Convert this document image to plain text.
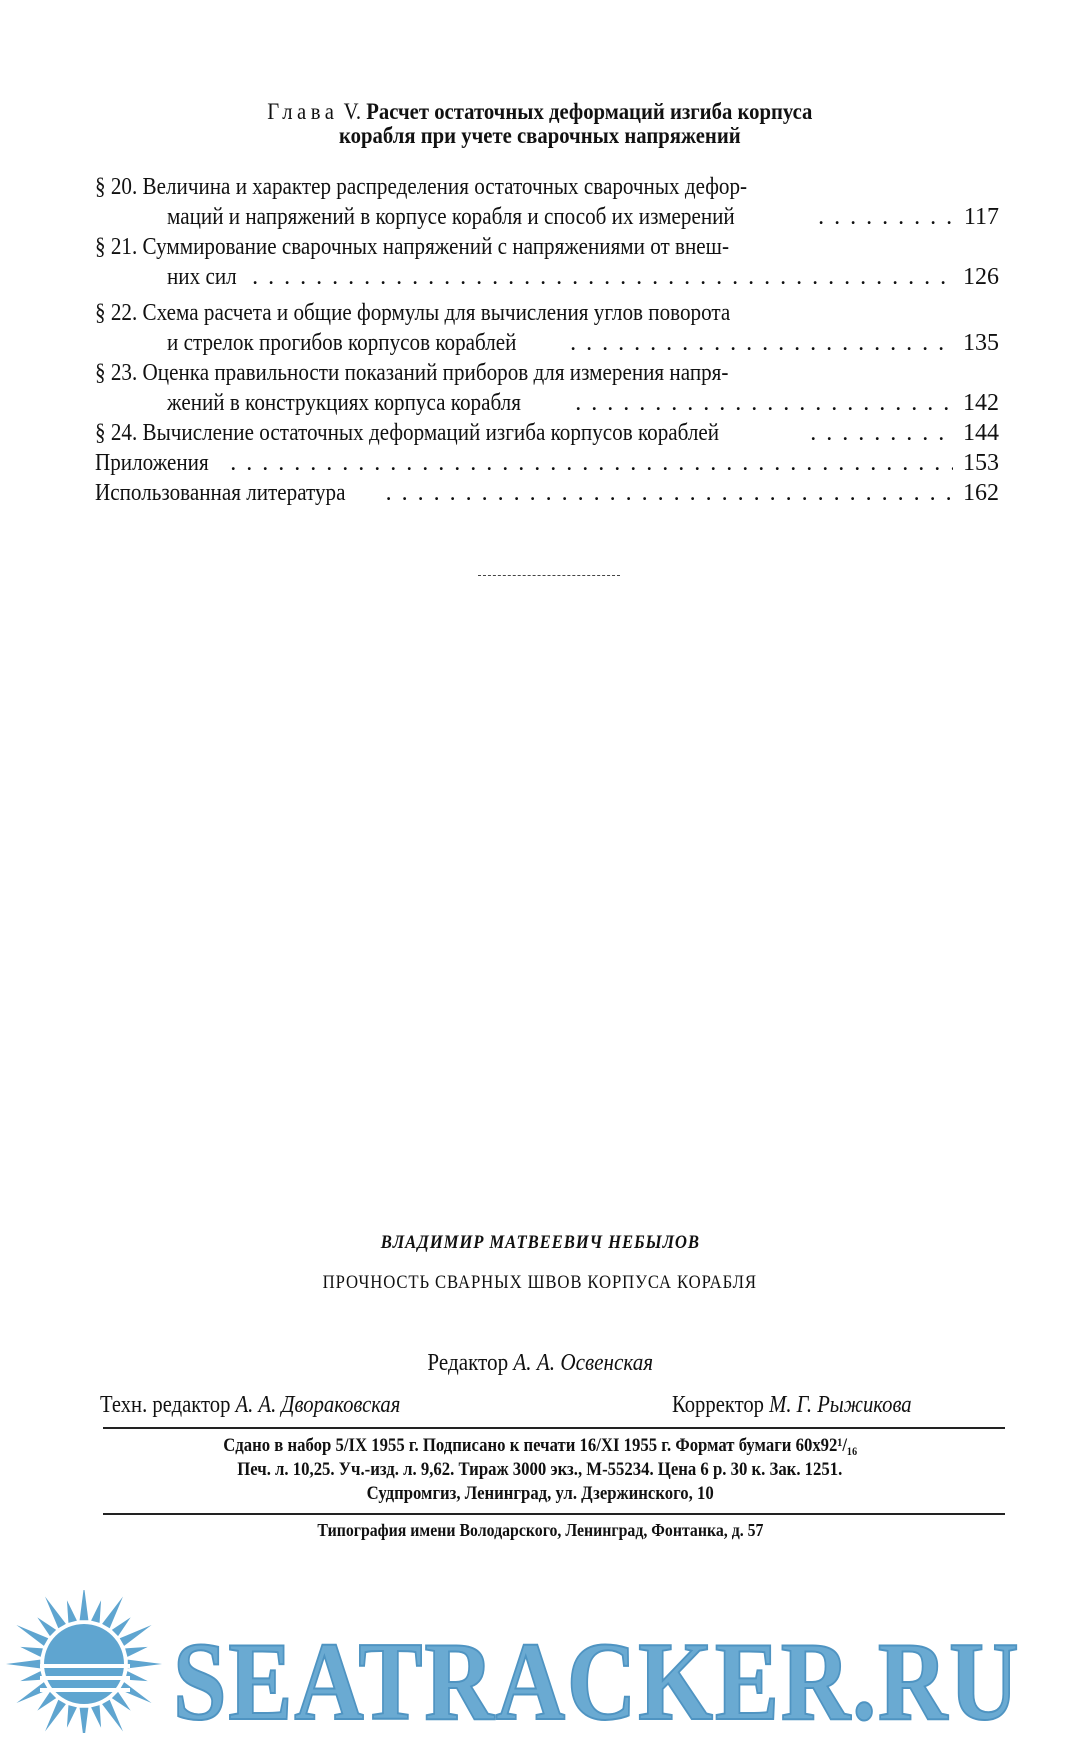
Глава V. Расчет остаточных деформаций изгиба корпуса
корабля при учете сварочных напряжений
§ 20. Величина и характер распределения остаточных сварочных дефор-
маций и напряжений в корпусе корабля и способ их измерений . . .	117
§ 21. Суммирование сварочных напряжений с напряжениями от внеш-
них сил . . .	126
§ 22. Схема расчета и общие формулы для вычисления углов поворота
и стрелок прогибов корпусов кораблей . . .	135
§ 23. Оценка правильности показаний приборов для измерения напря-
жений в конструкциях корпуса корабля . . .	142
§ 24. Вычисление остаточных деформаций изгиба корпусов кораблей . . .	144
Приложения . . .	153
Использованная литература . . .	162
ВЛАДИМИР МАТВЕЕВИЧ НЕБЫЛОВ
ПРОЧНОСТЬ СВАРНЫХ ШВОВ КОРПУСА КОРАБЛЯ
Редактор А. А. Освенская
Техн. редактор А. А. Двораковская	Корректор М. Г. Рыжикова
Сдано в набор 5/IX 1955 г. Подписано к печати 16/XI 1955 г. Формат бумаги 60x92¹/₁₆
Печ. л. 10,25. Уч.-изд. л. 9,62. Тираж 3000 экз., М-55234. Цена 6 р. 30 к. Зак. 1251.
Судпромгиз, Ленинград, ул. Дзержинского, 10
Типография имени Володарского, Ленинград, Фонтанка, д. 57
SEATRACKER.RU
